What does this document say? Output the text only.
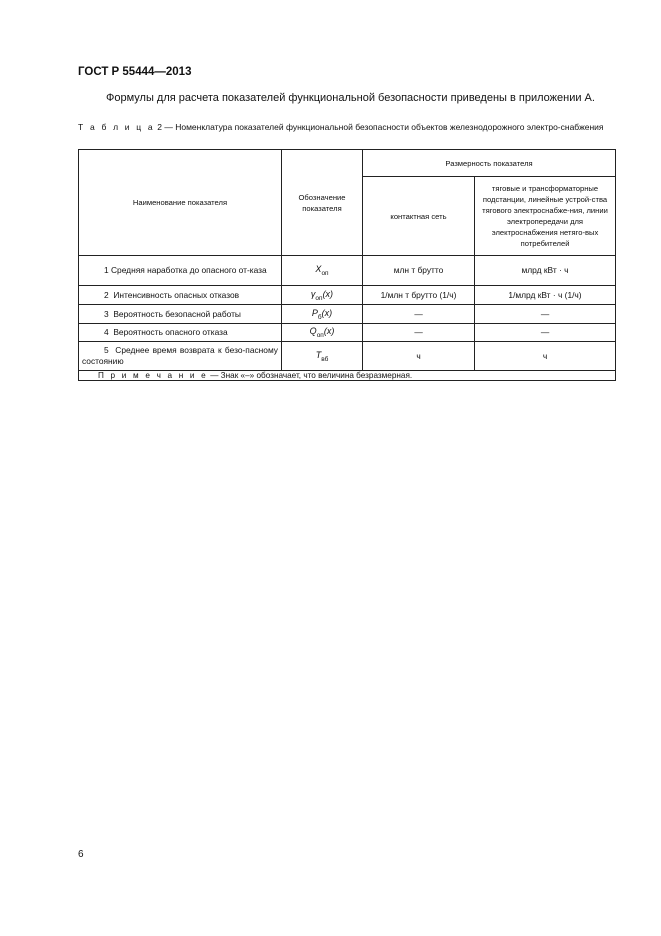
ГОСТ Р 55444—2013
Формулы для расчета показателей функциональной безопасности приведены в приложении А.
Т а б л и ц а 2 — Номенклатура показателей функциональной безопасности объектов железнодорожного электро-снабжения
Наименование показателя	Обозначение показателя	Размерность показателя	
		контактная сеть	тяговые и трансформаторные подстанции, линейные устрой-ства тягового электроснабже-ния, линии электропередачи для электроснабжения нетяго-вых потребителей
1 Средняя наработка до опасного от-каза	$X_{оп}$	млн т брутто	млрд кВт · ч
2 Интенсивность опасных отказов	$\gamma_{оп}(x)$	1/млн т брутто (1/ч)	1/млрд кВт · ч (1/ч)
3 Вероятность безопасной работы	$P_б(x)$	—	—
4 Вероятность опасного отказа	$Q_{оп}(x)$	—	—
5 Среднее время возврата к безо-пасному состоянию	$T_{вб}$	ч	ч
П р и м е ч а н и е — Знак «–» обозначает, что величина безразмерная.			
6
